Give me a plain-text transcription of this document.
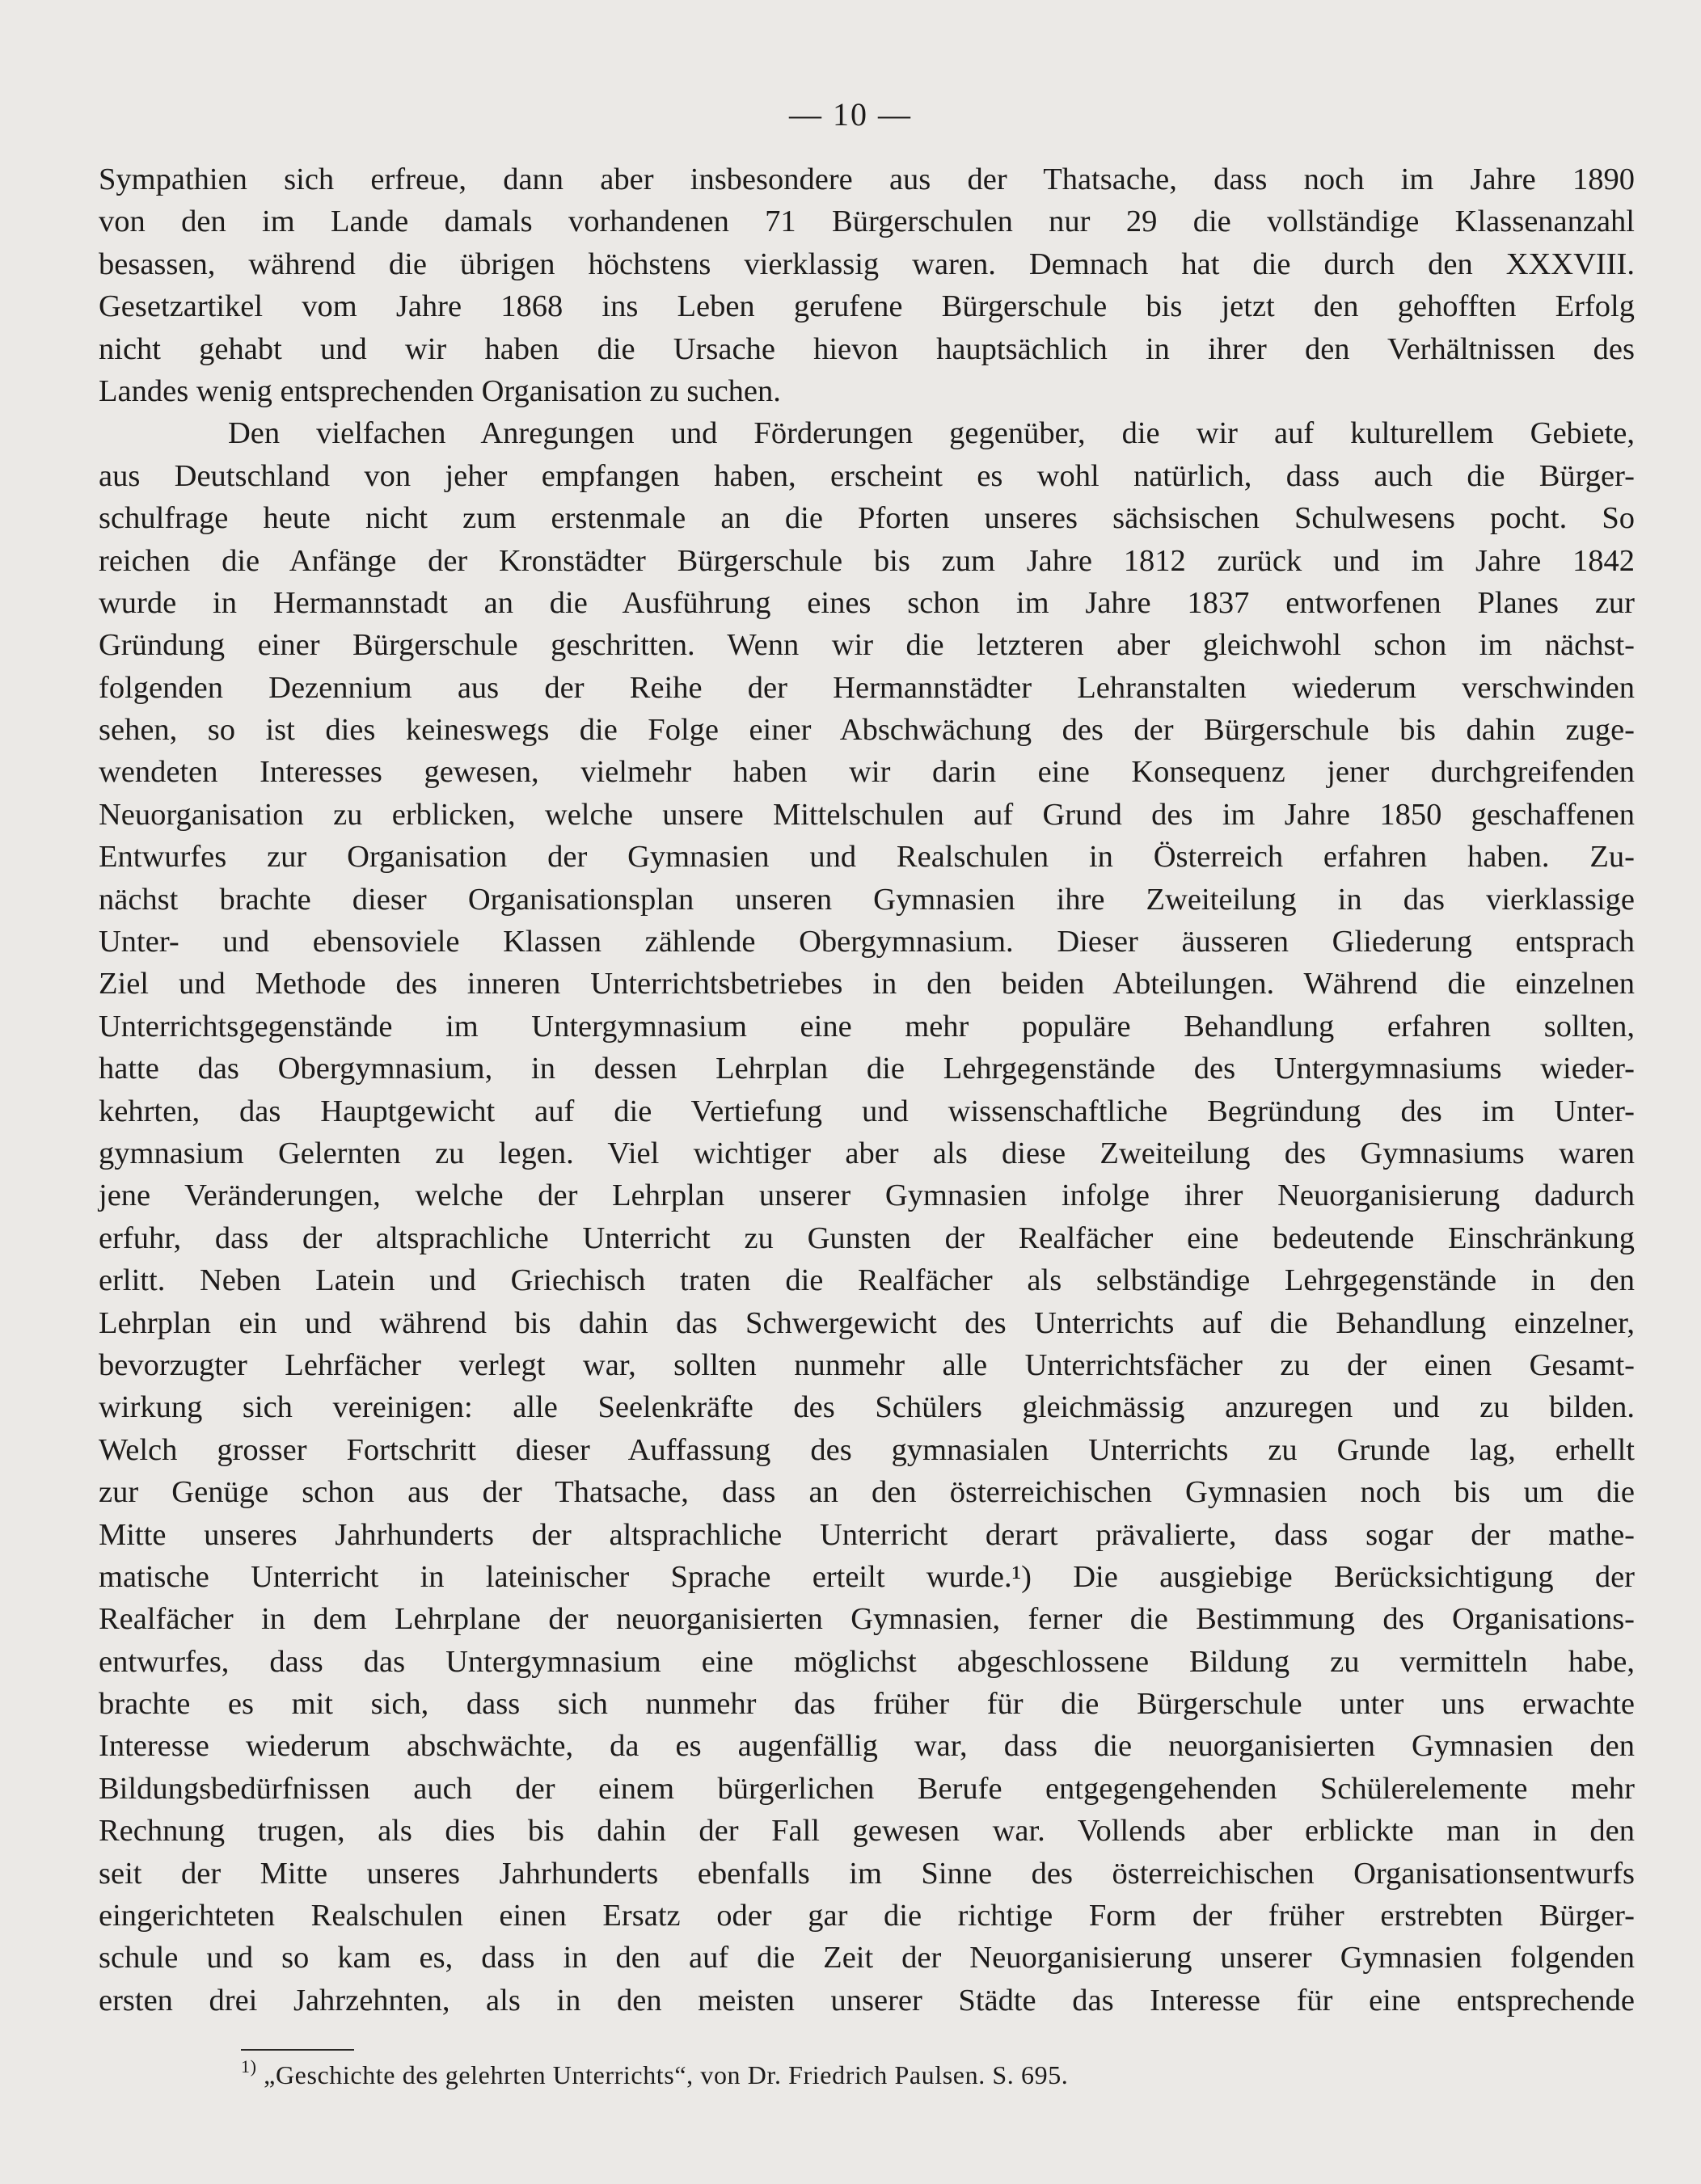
— 10 —
Sympathien sich erfreue, dann aber insbesondere aus der Thatsache, dass noch im Jahre 1890
von den im Lande damals vorhandenen 71 Bürgerschulen nur 29 die vollständige Klassenanzahl
besassen, während die übrigen höchstens vierklassig waren. Demnach hat die durch den XXXVIII.
Gesetzartikel vom Jahre 1868 ins Leben gerufene Bürgerschule bis jetzt den gehofften Erfolg
nicht gehabt und wir haben die Ursache hievon hauptsächlich in ihrer den Verhältnissen des
Landes wenig entsprechenden Organisation zu suchen.
Den vielfachen Anregungen und Förderungen gegenüber, die wir auf kulturellem Gebiete,
aus Deutschland von jeher empfangen haben, erscheint es wohl natürlich, dass auch die Bürger-
schulfrage heute nicht zum erstenmale an die Pforten unseres sächsischen Schulwesens pocht. So
reichen die Anfänge der Kronstädter Bürgerschule bis zum Jahre 1812 zurück und im Jahre 1842
wurde in Hermannstadt an die Ausführung eines schon im Jahre 1837 entworfenen Planes zur
Gründung einer Bürgerschule geschritten. Wenn wir die letzteren aber gleichwohl schon im nächst-
folgenden Dezennium aus der Reihe der Hermannstädter Lehranstalten wiederum verschwinden
sehen, so ist dies keineswegs die Folge einer Abschwächung des der Bürgerschule bis dahin zuge-
wendeten Interesses gewesen, vielmehr haben wir darin eine Konsequenz jener durchgreifenden
Neuorganisation zu erblicken, welche unsere Mittelschulen auf Grund des im Jahre 1850 geschaffenen
Entwurfes zur Organisation der Gymnasien und Realschulen in Österreich erfahren haben. Zu-
nächst brachte dieser Organisationsplan unseren Gymnasien ihre Zweiteilung in das vierklassige
Unter- und ebensoviele Klassen zählende Obergymnasium. Dieser äusseren Gliederung entsprach
Ziel und Methode des inneren Unterrichtsbetriebes in den beiden Abteilungen. Während die einzelnen
Unterrichtsgegenstände im Untergymnasium eine mehr populäre Behandlung erfahren sollten,
hatte das Obergymnasium, in dessen Lehrplan die Lehrgegenstände des Untergymnasiums wieder-
kehrten, das Hauptgewicht auf die Vertiefung und wissenschaftliche Begründung des im Unter-
gymnasium Gelernten zu legen. Viel wichtiger aber als diese Zweiteilung des Gymnasiums waren
jene Veränderungen, welche der Lehrplan unserer Gymnasien infolge ihrer Neuorganisierung dadurch
erfuhr, dass der altsprachliche Unterricht zu Gunsten der Realfächer eine bedeutende Einschränkung
erlitt. Neben Latein und Griechisch traten die Realfächer als selbständige Lehrgegenstände in den
Lehrplan ein und während bis dahin das Schwergewicht des Unterrichts auf die Behandlung einzelner,
bevorzugter Lehrfächer verlegt war, sollten nunmehr alle Unterrichtsfächer zu der einen Gesamt-
wirkung sich vereinigen: alle Seelenkräfte des Schülers gleichmässig anzuregen und zu bilden.
Welch grosser Fortschritt dieser Auffassung des gymnasialen Unterrichts zu Grunde lag, erhellt
zur Genüge schon aus der Thatsache, dass an den österreichischen Gymnasien noch bis um die
Mitte unseres Jahrhunderts der altsprachliche Unterricht derart prävalierte, dass sogar der mathe-
matische Unterricht in lateinischer Sprache erteilt wurde.¹) Die ausgiebige Berücksichtigung der
Realfächer in dem Lehrplane der neuorganisierten Gymnasien, ferner die Bestimmung des Organisations-
entwurfes, dass das Untergymnasium eine möglichst abgeschlossene Bildung zu vermitteln habe,
brachte es mit sich, dass sich nunmehr das früher für die Bürgerschule unter uns erwachte
Interesse wiederum abschwächte, da es augenfällig war, dass die neuorganisierten Gymnasien den
Bildungsbedürfnissen auch der einem bürgerlichen Berufe entgegengehenden Schülerelemente mehr
Rechnung trugen, als dies bis dahin der Fall gewesen war. Vollends aber erblickte man in den
seit der Mitte unseres Jahrhunderts ebenfalls im Sinne des österreichischen Organisationsentwurfs
eingerichteten Realschulen einen Ersatz oder gar die richtige Form der früher erstrebten Bürger-
schule und so kam es, dass in den auf die Zeit der Neuorganisierung unserer Gymnasien folgenden
ersten drei Jahrzehnten, als in den meisten unserer Städte das Interesse für eine entsprechende
$^{1)}$ „Geschichte des gelehrten Unterrichts“, von Dr. Friedrich Paulsen. S. 695.
